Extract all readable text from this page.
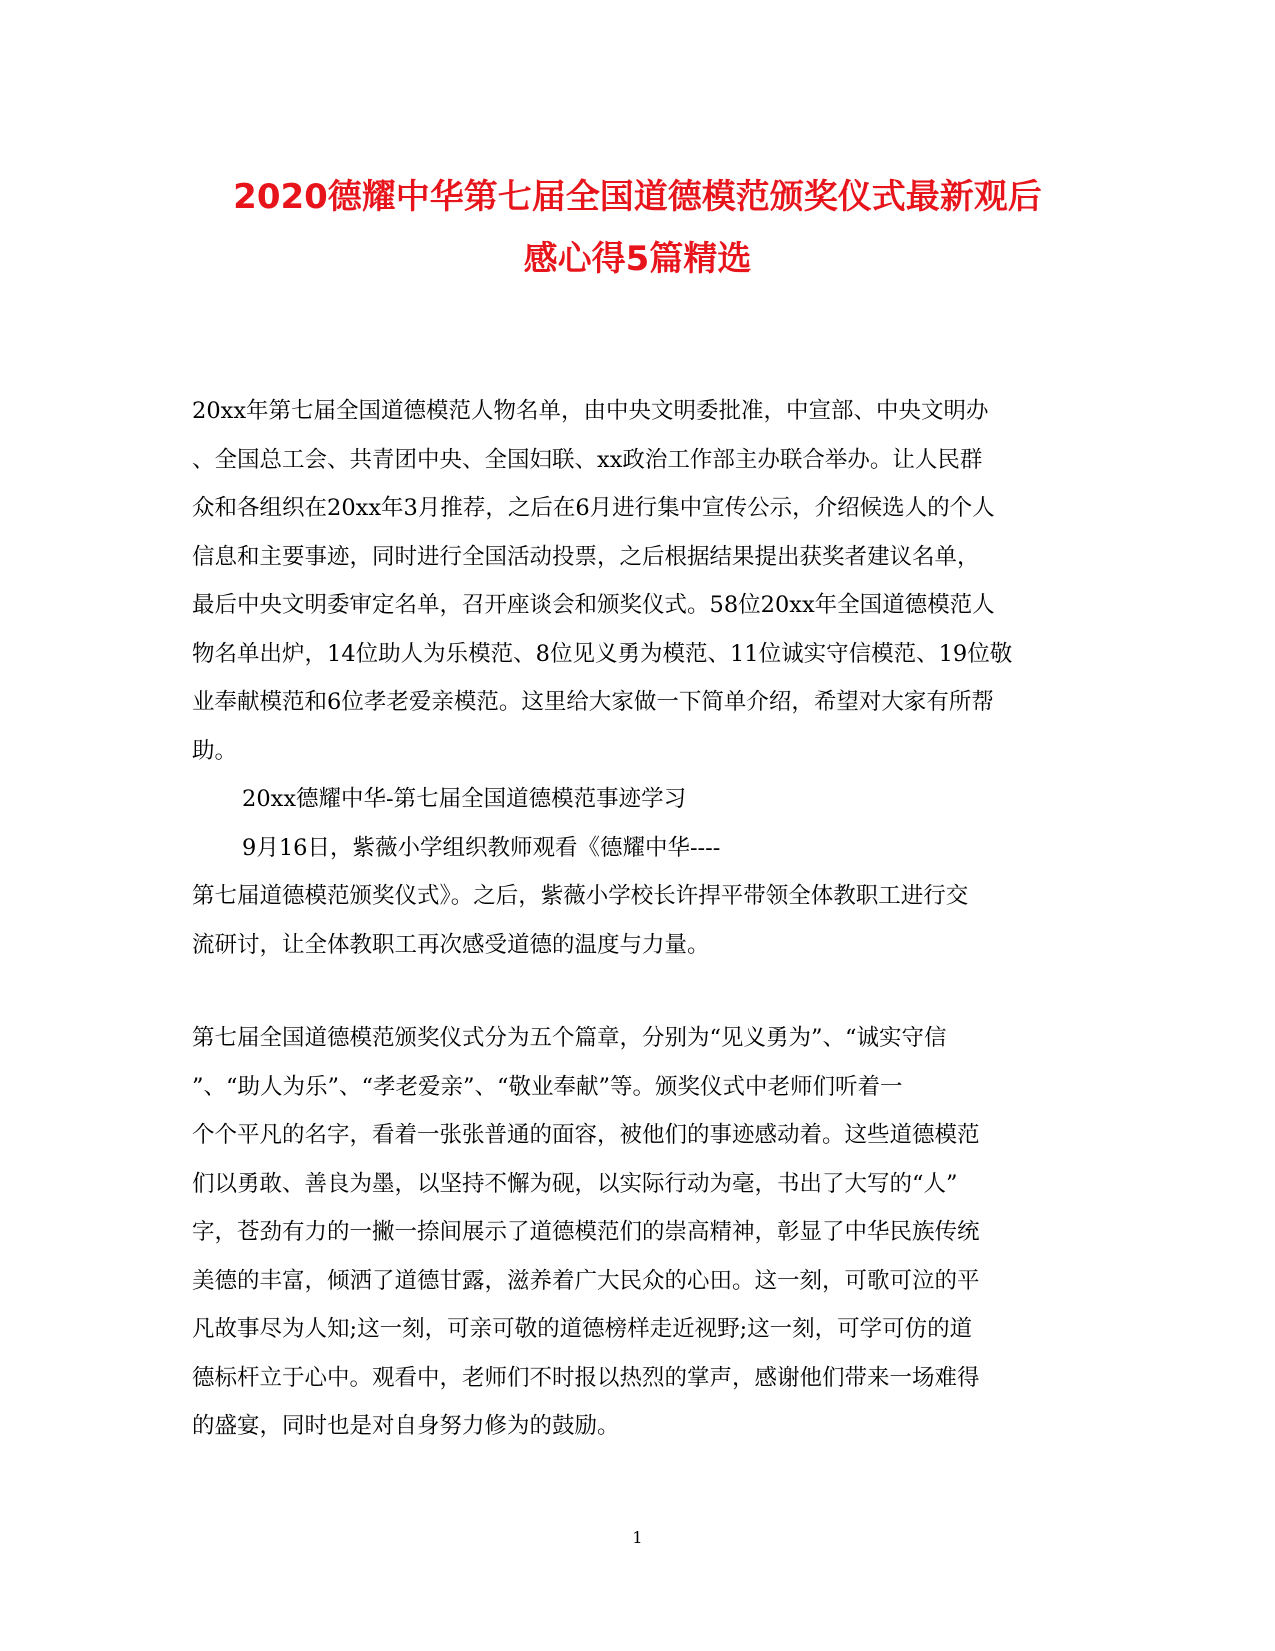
2020德耀中华第七届全国道德模范颁奖仪式最新观后
感心得5篇精选
20xx年第七届全国道德模范人物名单，由中央文明委批准，中宣部、中央文明办
、全国总工会、共青团中央、全国妇联、xx政治工作部主办联合举办。让人民群
众和各组织在20xx年3月推荐，之后在6月进行集中宣传公示，介绍候选人的个人
信息和主要事迹，同时进行全国活动投票，之后根据结果提出获奖者建议名单，
最后中央文明委审定名单，召开座谈会和颁奖仪式。58位20xx年全国道德模范人
物名单出炉，14位助人为乐模范、8位见义勇为模范、11位诚实守信模范、19位敬
业奉献模范和6位孝老爱亲模范。这里给大家做一下简单介绍，希望对大家有所帮
助。
20xx德耀中华-第七届全国道德模范事迹学习
9月16日，紫薇小学组织教师观看《德耀中华----
第七届道德模范颁奖仪式》。之后，紫薇小学校长许捍平带领全体教职工进行交
流研讨，让全体教职工再次感受道德的温度与力量。
第七届全国道德模范颁奖仪式分为五个篇章，分别为“见义勇为”、“诚实守信
”、“助人为乐”、“孝老爱亲”、“敬业奉献”等。颁奖仪式中老师们听着一
个个平凡的名字，看着一张张普通的面容，被他们的事迹感动着。这些道德模范
们以勇敢、善良为墨，以坚持不懈为砚，以实际行动为毫，书出了大写的“人”
字，苍劲有力的一撇一捺间展示了道德模范们的崇高精神，彰显了中华民族传统
美德的丰富，倾洒了道德甘露，滋养着广大民众的心田。这一刻，可歌可泣的平
凡故事尽为人知;这一刻，可亲可敬的道德榜样走近视野;这一刻，可学可仿的道
德标杆立于心中。观看中，老师们不时报以热烈的掌声，感谢他们带来一场难得
的盛宴，同时也是对自身努力修为的鼓励。
1
